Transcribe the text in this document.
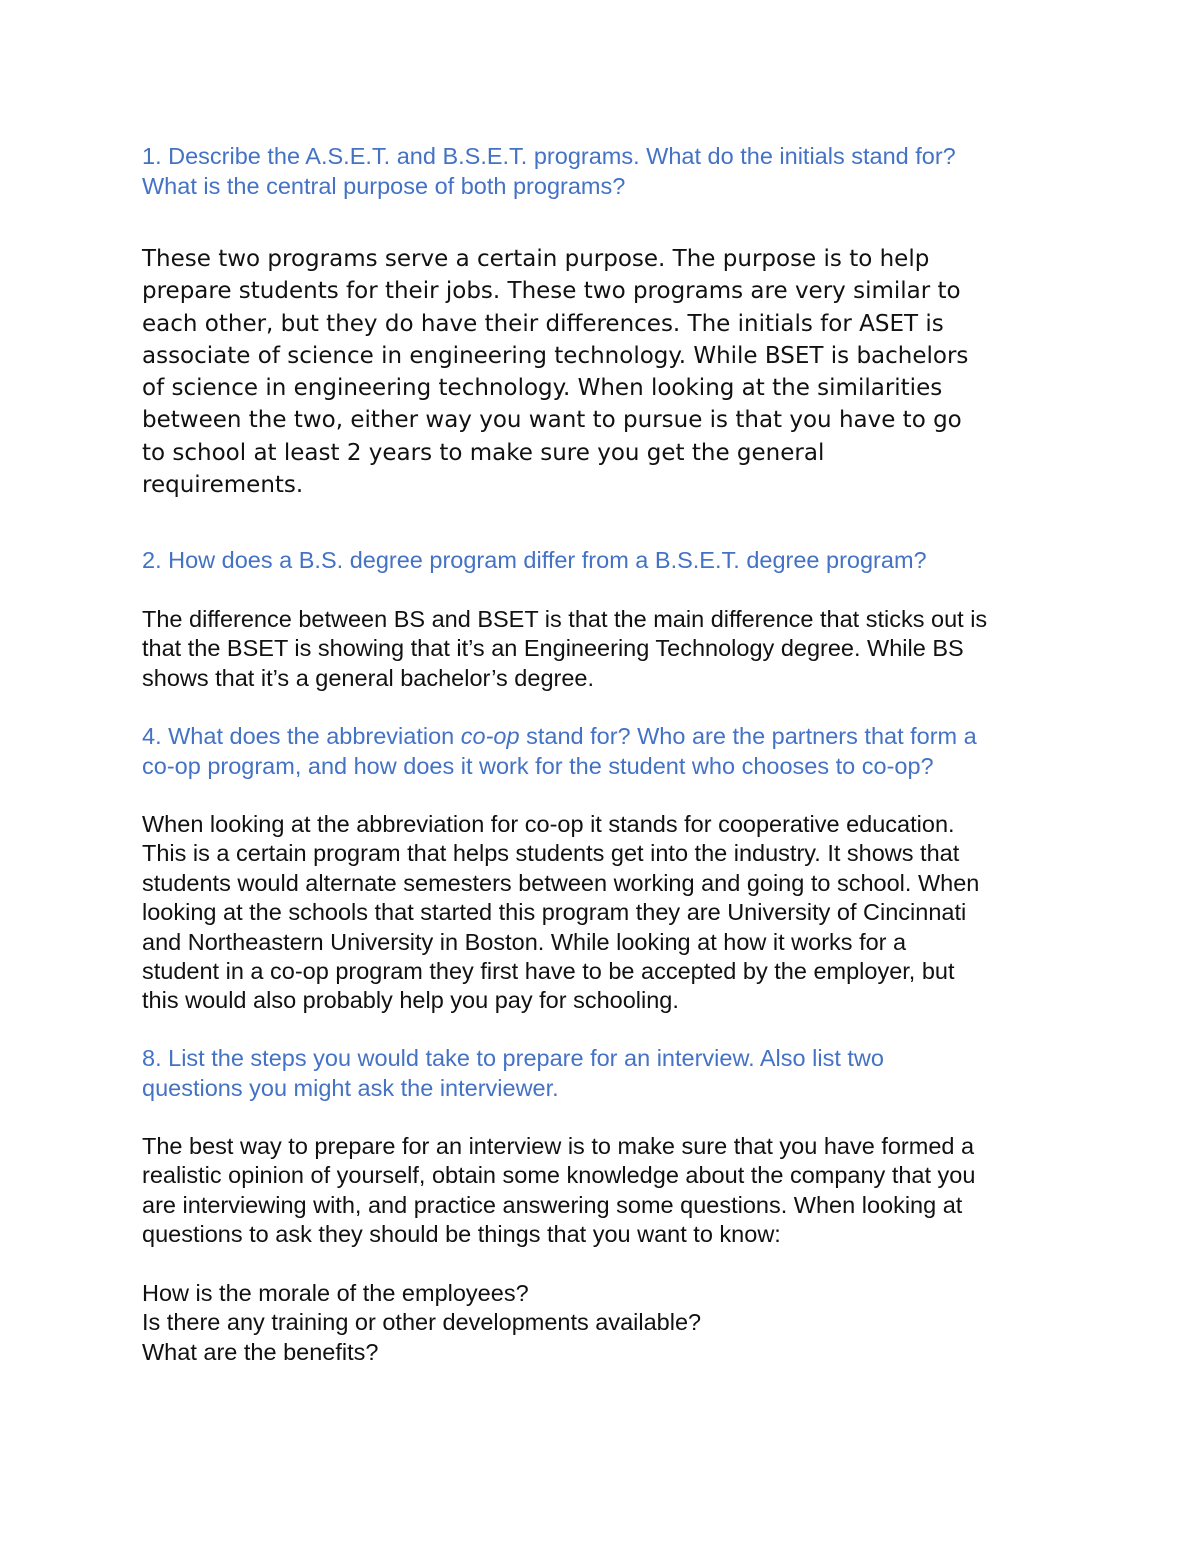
1. Describe the A.S.E.T. and B.S.E.T. programs. What do the initials stand for?
What is the central purpose of both programs?
These two programs serve a certain purpose. The purpose is to help
prepare students for their jobs. These two programs are very similar to
each other, but they do have their differences. The initials for ASET is
associate of science in engineering technology. While BSET is bachelors
of science in engineering technology. When looking at the similarities
between the two, either way you want to pursue is that you have to go
to school at least 2 years to make sure you get the general
requirements.
2. How does a B.S. degree program differ from a B.S.E.T. degree program?
The difference between BS and BSET is that the main difference that sticks out is
that the BSET is showing that it’s an Engineering Technology degree. While BS
shows that it’s a general bachelor’s degree.
4. What does the abbreviation co-op stand for? Who are the partners that form a
co-op program, and how does it work for the student who chooses to co-op?
When looking at the abbreviation for co-op it stands for cooperative education.
This is a certain program that helps students get into the industry. It shows that
students would alternate semesters between working and going to school. When
looking at the schools that started this program they are University of Cincinnati
and Northeastern University in Boston. While looking at how it works for a
student in a co-op program they first have to be accepted by the employer, but
this would also probably help you pay for schooling.
8. List the steps you would take to prepare for an interview. Also list two
questions you might ask the interviewer.
The best way to prepare for an interview is to make sure that you have formed a
realistic opinion of yourself, obtain some knowledge about the company that you
are interviewing with, and practice answering some questions. When looking at
questions to ask they should be things that you want to know:
How is the morale of the employees?
Is there any training or other developments available?
What are the benefits?
